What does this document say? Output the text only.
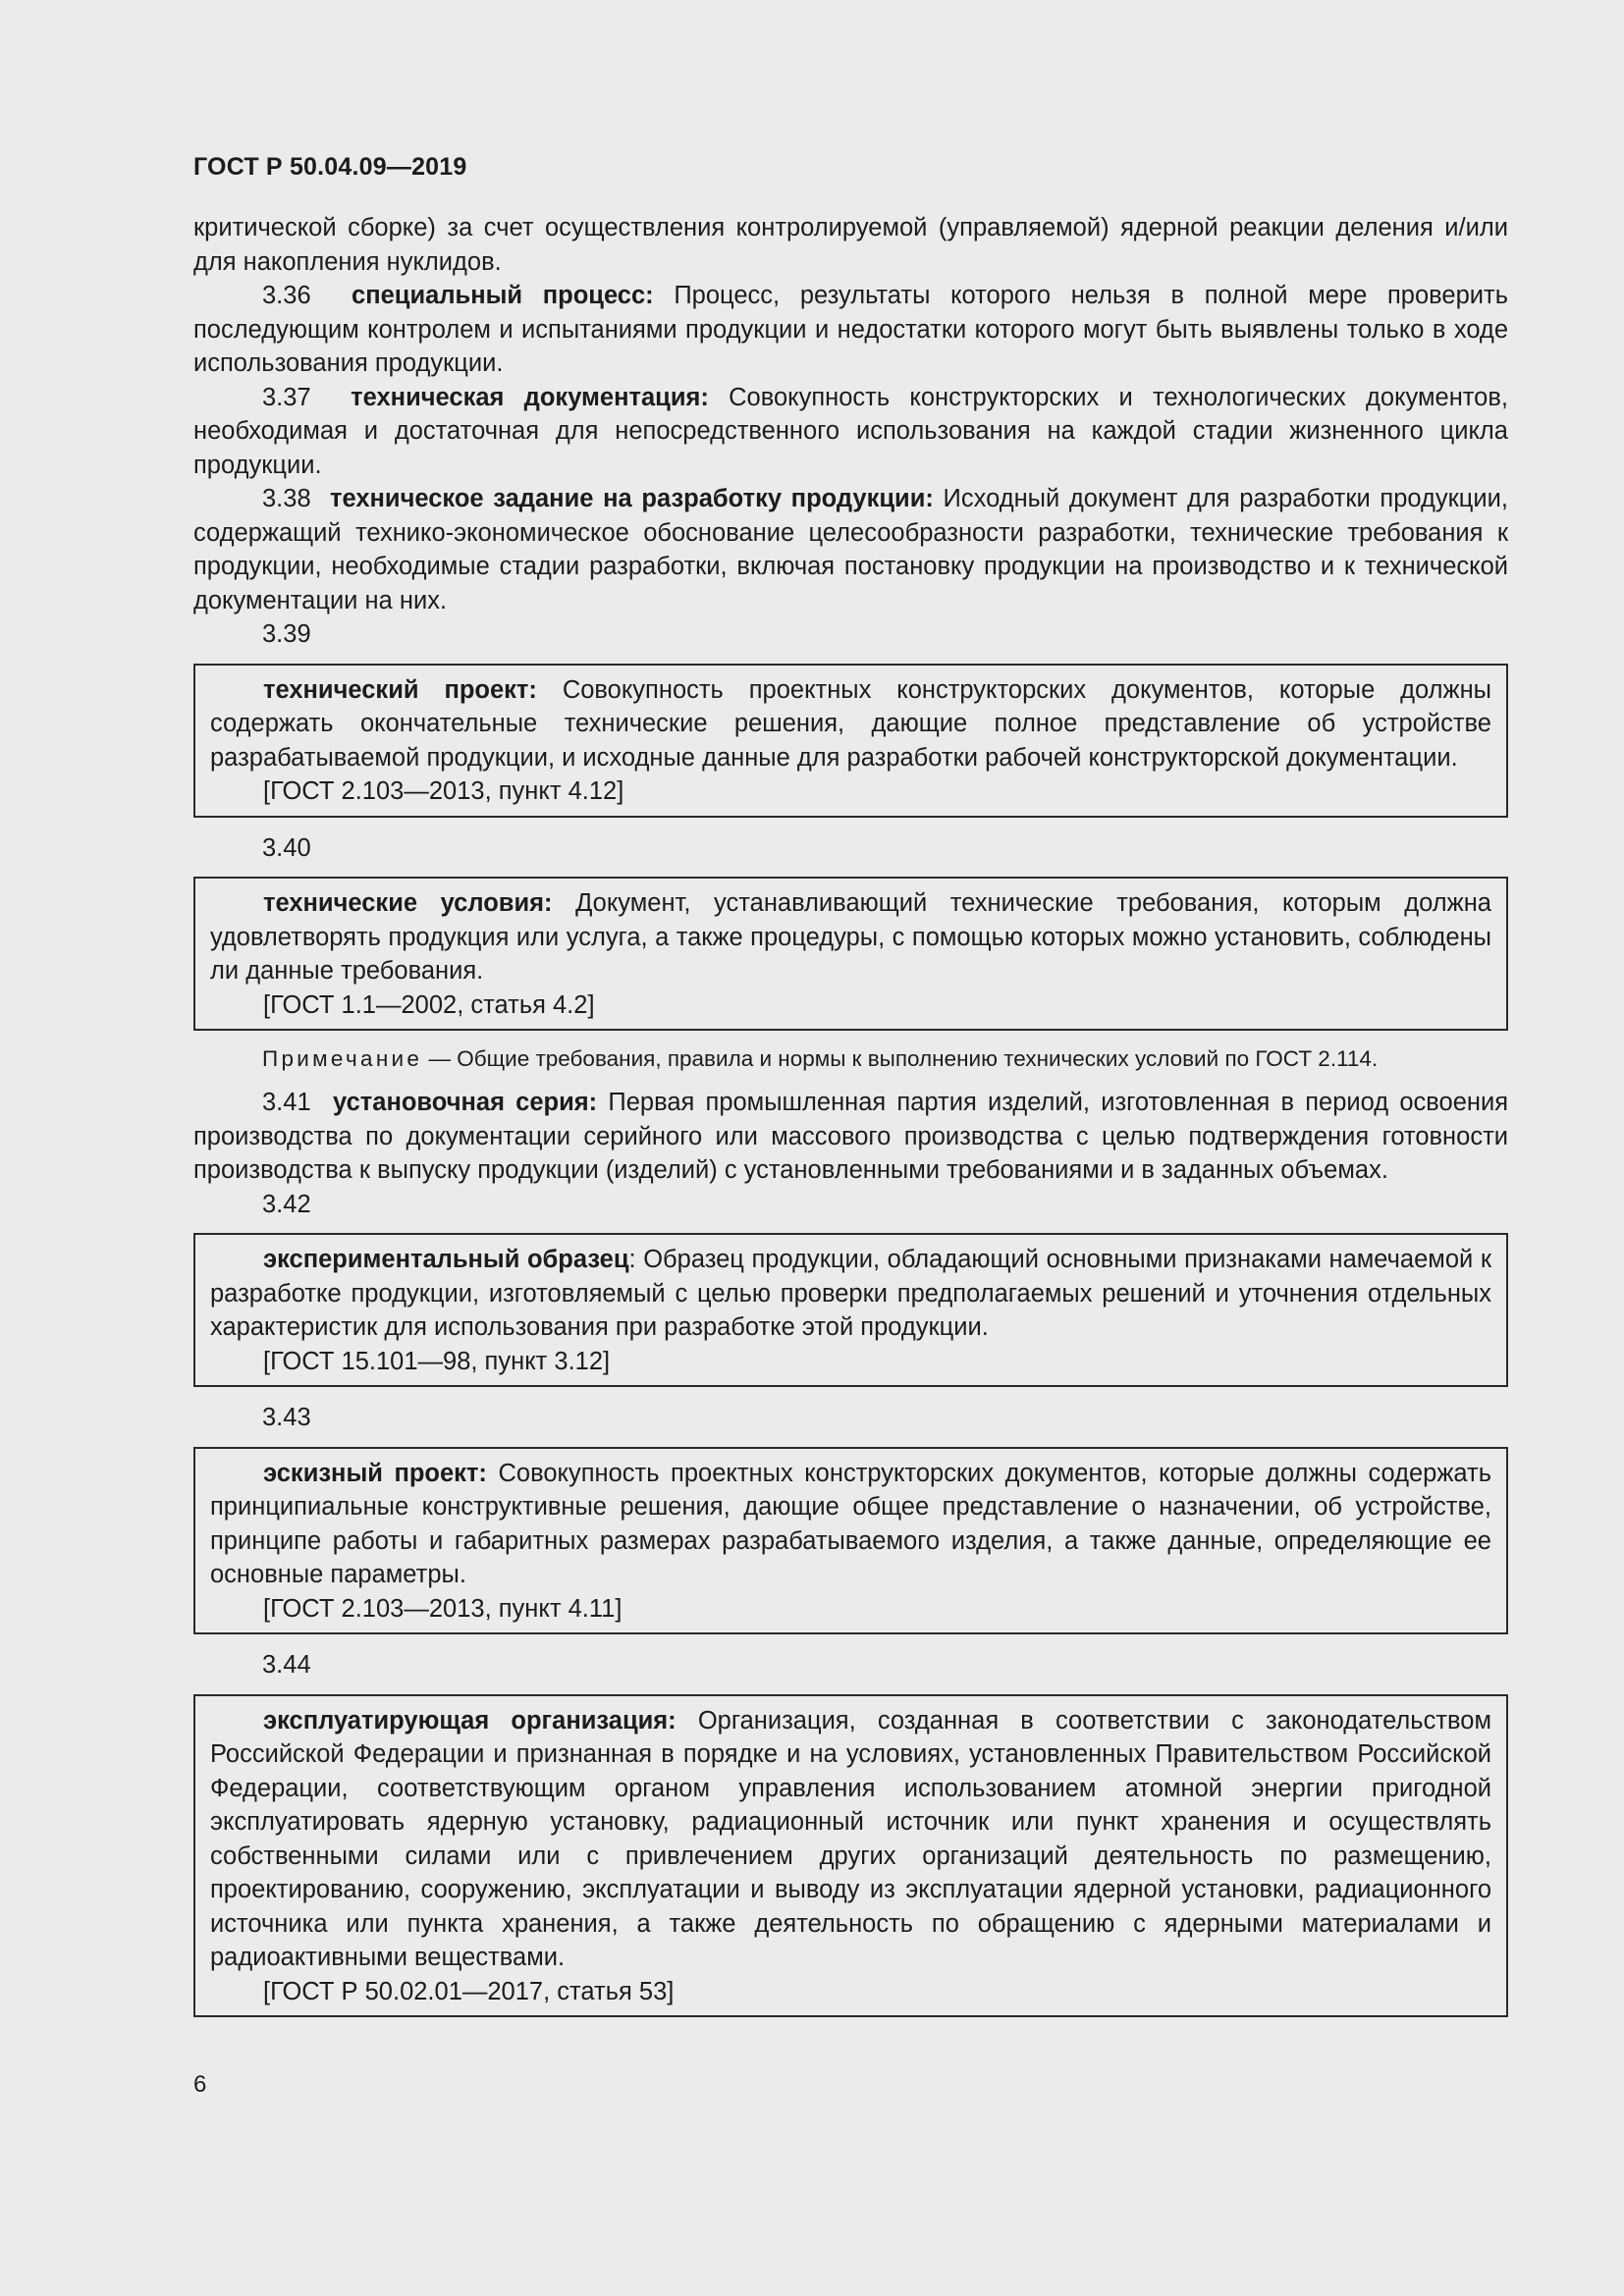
ГОСТ Р 50.04.09—2019

критической сборке) за счет осуществления контролируемой (управляемой) ядерной реакции деления и/или для накопления нуклидов.

3.36 специальный процесс: Процесс, результаты которого нельзя в полной мере проверить последующим контролем и испытаниями продукции и недостатки которого могут быть выявлены только в ходе использования продукции.

3.37 техническая документация: Совокупность конструкторских и технологических документов, необходимая и достаточная для непосредственного использования на каждой стадии жизненного цикла продукции.

3.38 техническое задание на разработку продукции: Исходный документ для разработки продукции, содержащий технико-экономическое обоснование целесообразности разработки, технические требования к продукции, необходимые стадии разработки, включая постановку продукции на производство и к технической документации на них.

3.39

технический проект: Совокупность проектных конструкторских документов, которые должны содержать окончательные технические решения, дающие полное представление об устройстве разрабатываемой продукции, и исходные данные для разработки рабочей конструкторской документации.

[ГОСТ 2.103—2013, пункт 4.12]

3.40

технические условия: Документ, устанавливающий технические требования, которым должна удовлетворять продукция или услуга, а также процедуры, с помощью которых можно установить, соблюдены ли данные требования.

[ГОСТ 1.1—2002, статья 4.2]

Примечание — Общие требования, правила и нормы к выполнению технических условий по ГОСТ 2.114.

3.41 установочная серия: Первая промышленная партия изделий, изготовленная в период освоения производства по документации серийного или массового производства с целью подтверждения готовности производства к выпуску продукции (изделий) с установленными требованиями и в заданных объемах.

3.42

экспериментальный образец: Образец продукции, обладающий основными признаками намечаемой к разработке продукции, изготовляемый с целью проверки предполагаемых решений и уточнения отдельных характеристик для использования при разработке этой продукции.

[ГОСТ 15.101—98, пункт 3.12]

3.43

эскизный проект: Совокупность проектных конструкторских документов, которые должны содержать принципиальные конструктивные решения, дающие общее представление о назначении, об устройстве, принципе работы и габаритных размерах разрабатываемого изделия, а также данные, определяющие ее основные параметры.

[ГОСТ 2.103—2013, пункт 4.11]

3.44

эксплуатирующая организация: Организация, созданная в соответствии с законодательством Российской Федерации и признанная в порядке и на условиях, установленных Правительством Российской Федерации, соответствующим органом управления использованием атомной энергии пригодной эксплуатировать ядерную установку, радиационный источник или пункт хранения и осуществлять собственными силами или с привлечением других организаций деятельность по размещению, проектированию, сооружению, эксплуатации и выводу из эксплуатации ядерной установки, радиационного источника или пункта хранения, а также деятельность по обращению с ядерными материалами и радиоактивными веществами.

[ГОСТ Р 50.02.01—2017, статья 53]

6
